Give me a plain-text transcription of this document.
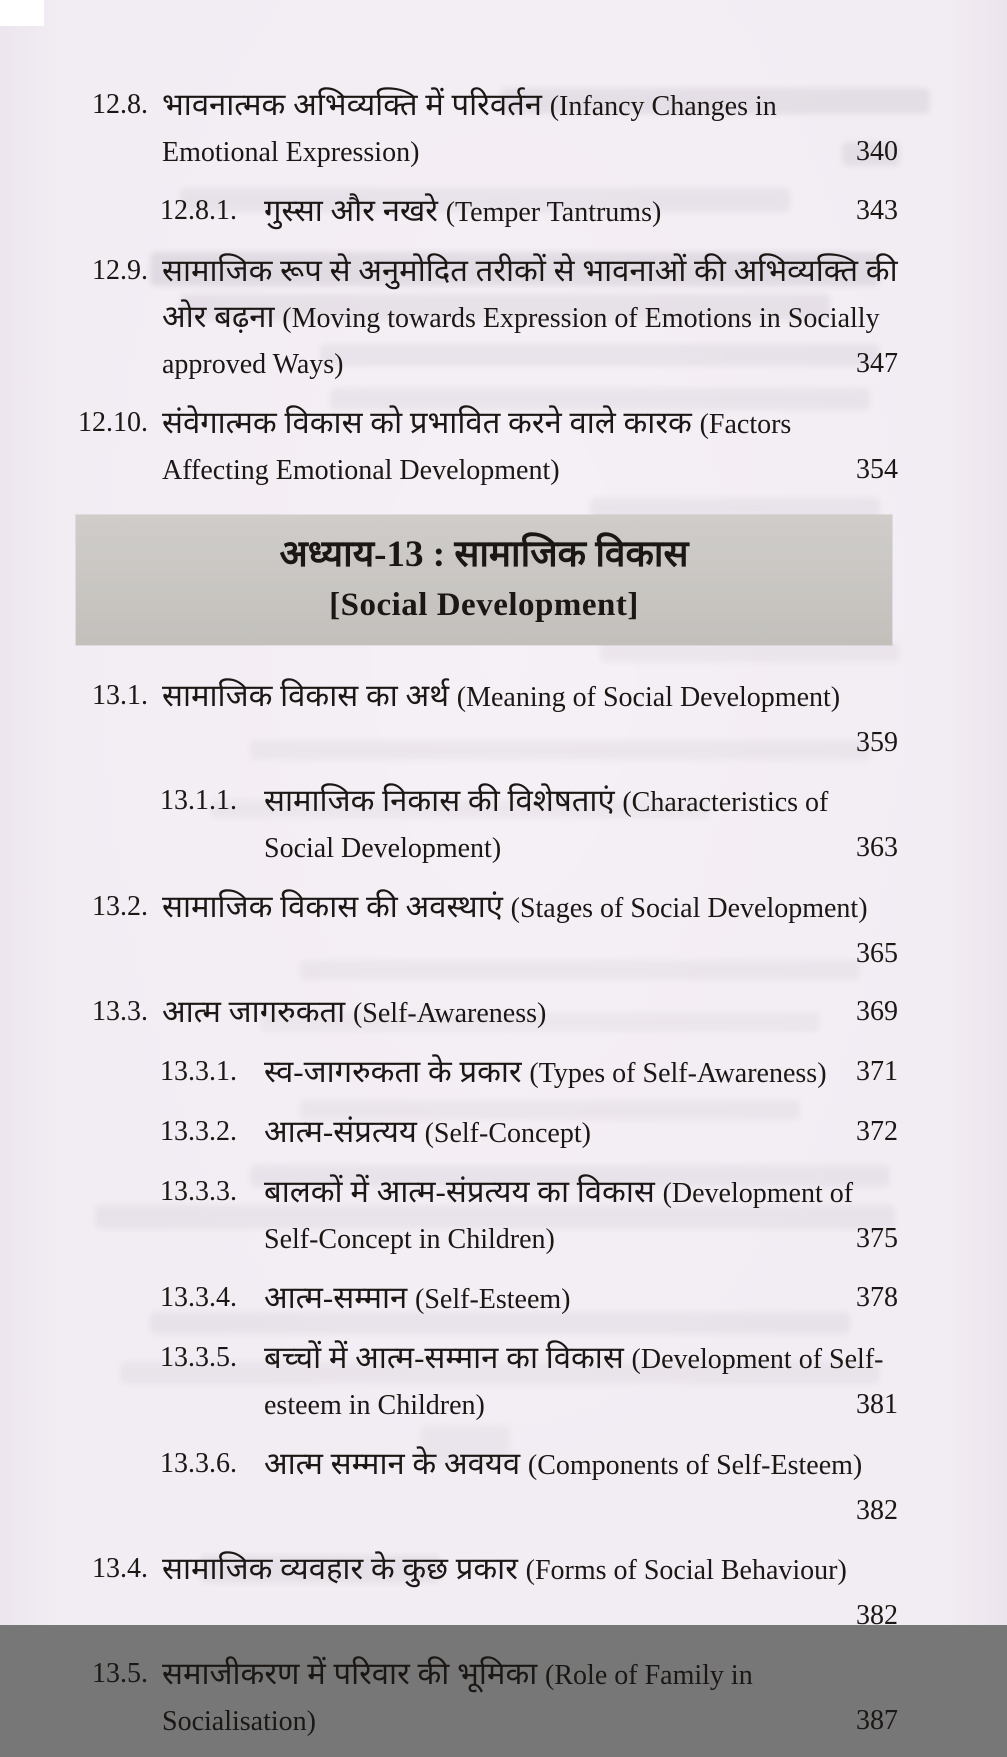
12.8. भावनात्मक अभिव्यक्ति में परिवर्तन (Infancy Changes in Emotional Expression)	340
12.8.1. गुस्सा और नखरे (Temper Tantrums)	343
12.9. सामाजिक रूप से अनुमोदित तरीकों से भावनाओं की अभिव्यक्ति की ओर बढ़ना (Moving towards Expression of Emotions in Socially approved Ways)	347
12.10. संवेगात्मक विकास को प्रभावित करने वाले कारक (Factors Affecting Emotional Development)	354
अध्याय-13 : सामाजिक विकास
[Social Development]
13.1. सामाजिक विकास का अर्थ (Meaning of Social Development)
359
13.1.1. सामाजिक निकास की विशेषताएं (Characteristics of Social Development)	363
13.2. सामाजिक विकास की अवस्थाएं (Stages of Social Development)
365
13.3. आत्म जागरुकता (Self-Awareness)	369
13.3.1. स्व-जागरुकता के प्रकार (Types of Self-Awareness)	371
13.3.2. आत्म-संप्रत्यय (Self-Concept)	372
13.3.3. बालकों में आत्म-संप्रत्यय का विकास (Development of Self-Concept in Children)	375
13.3.4. आत्म-सम्मान (Self-Esteem)	378
13.3.5. बच्चों में आत्म-सम्मान का विकास (Development of Self-esteem in Children)	381
13.3.6. आत्म सम्मान के अवयव (Components of Self-Esteem)
382
13.4. सामाजिक व्यवहार के कुछ प्रकार (Forms of Social Behaviour)
382
13.5. समाजीकरण में परिवार की भूमिका (Role of Family in Socialisation)	387
